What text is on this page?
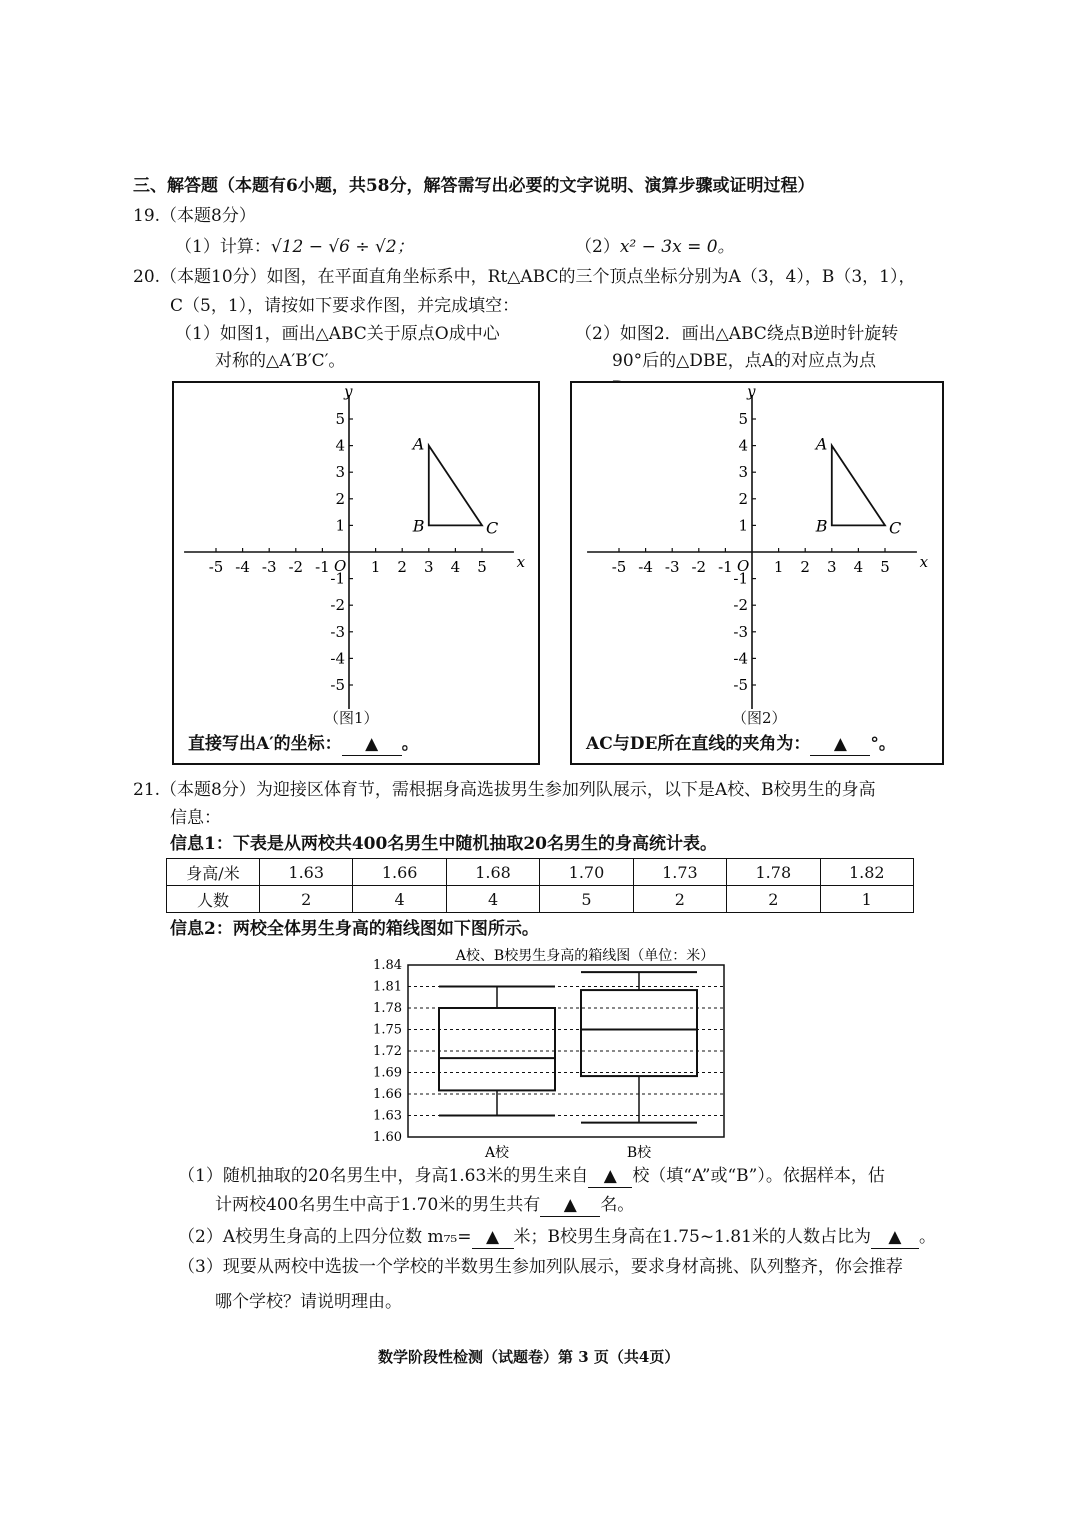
三、解答题（本题有6小题，共58分，解答需写出必要的文字说明、演算步骤或证明过程）
19.（本题8分）
（1）计算：√12 − √6 ÷ √2；	（2）x² − 3x = 0。
20.（本题10分）如图，在平面直角坐标系中，Rt△ABC的三个顶点坐标分别为A（3，4），B（3，1），
C（5，1），请按如下要求作图，并完成填空：
（1）如图1，画出△ABC关于原点O成中心
对称的△A′B′C′。
（2）如图2．画出△ABC绕点B逆时针旋转
90°后的△DBE，点A的对应点为点
x
y
O
-5 -4 -3 -2 -1	1 2 3 4 5
5
4
3
2
1
-1
-2
-3
-4
-5
A
B	C
（图1）
直接写出A′的坐标： ▲ 。
x
y
O
-5 -4 -3 -2 -1	1 2 3 4 5
5
4
3
2
1
-1
-2
-3
-4
-5
A
B	C
（图2）
AC与DE所在直线的夹角为： ▲ °。
21.（本题8分）为迎接区体育节，需根据身高选拔男生参加列队展示，以下是A校、B校男生的身高
信息：
信息1：下表是从两校共400名男生中随机抽取20名男生的身高统计表。
身高/米	1.63	1.66	1.68	1.70	1.73	1.78	1.82
人数	2	4	4	5	2	2	1
信息2：两校全体男生身高的箱线图如下图所示。
A校、B校男生身高的箱线图（单位：米）
1.84
1.81
1.78
1.75
1.72
1.69
1.66
1.63
1.60
A校	B校
（1）随机抽取的20名男生中，身高1.63米的男生来自 ▲ 校（填“A”或“B”）。依据样本，估
计两校400名男生中高于1.70米的男生共有 ▲ 名。
（2）A校男生身高的上四分位数 m₇₅= ▲ 米；B校男生身高在1.75~1.81米的人数占比为 ▲ 。
（3）现要从两校中选拔一个学校的半数男生参加列队展示，要求身材高挑、队列整齐，你会推荐
哪个学校？请说明理由。
数学阶段性检测（试题卷）第 3 页（共4页）
